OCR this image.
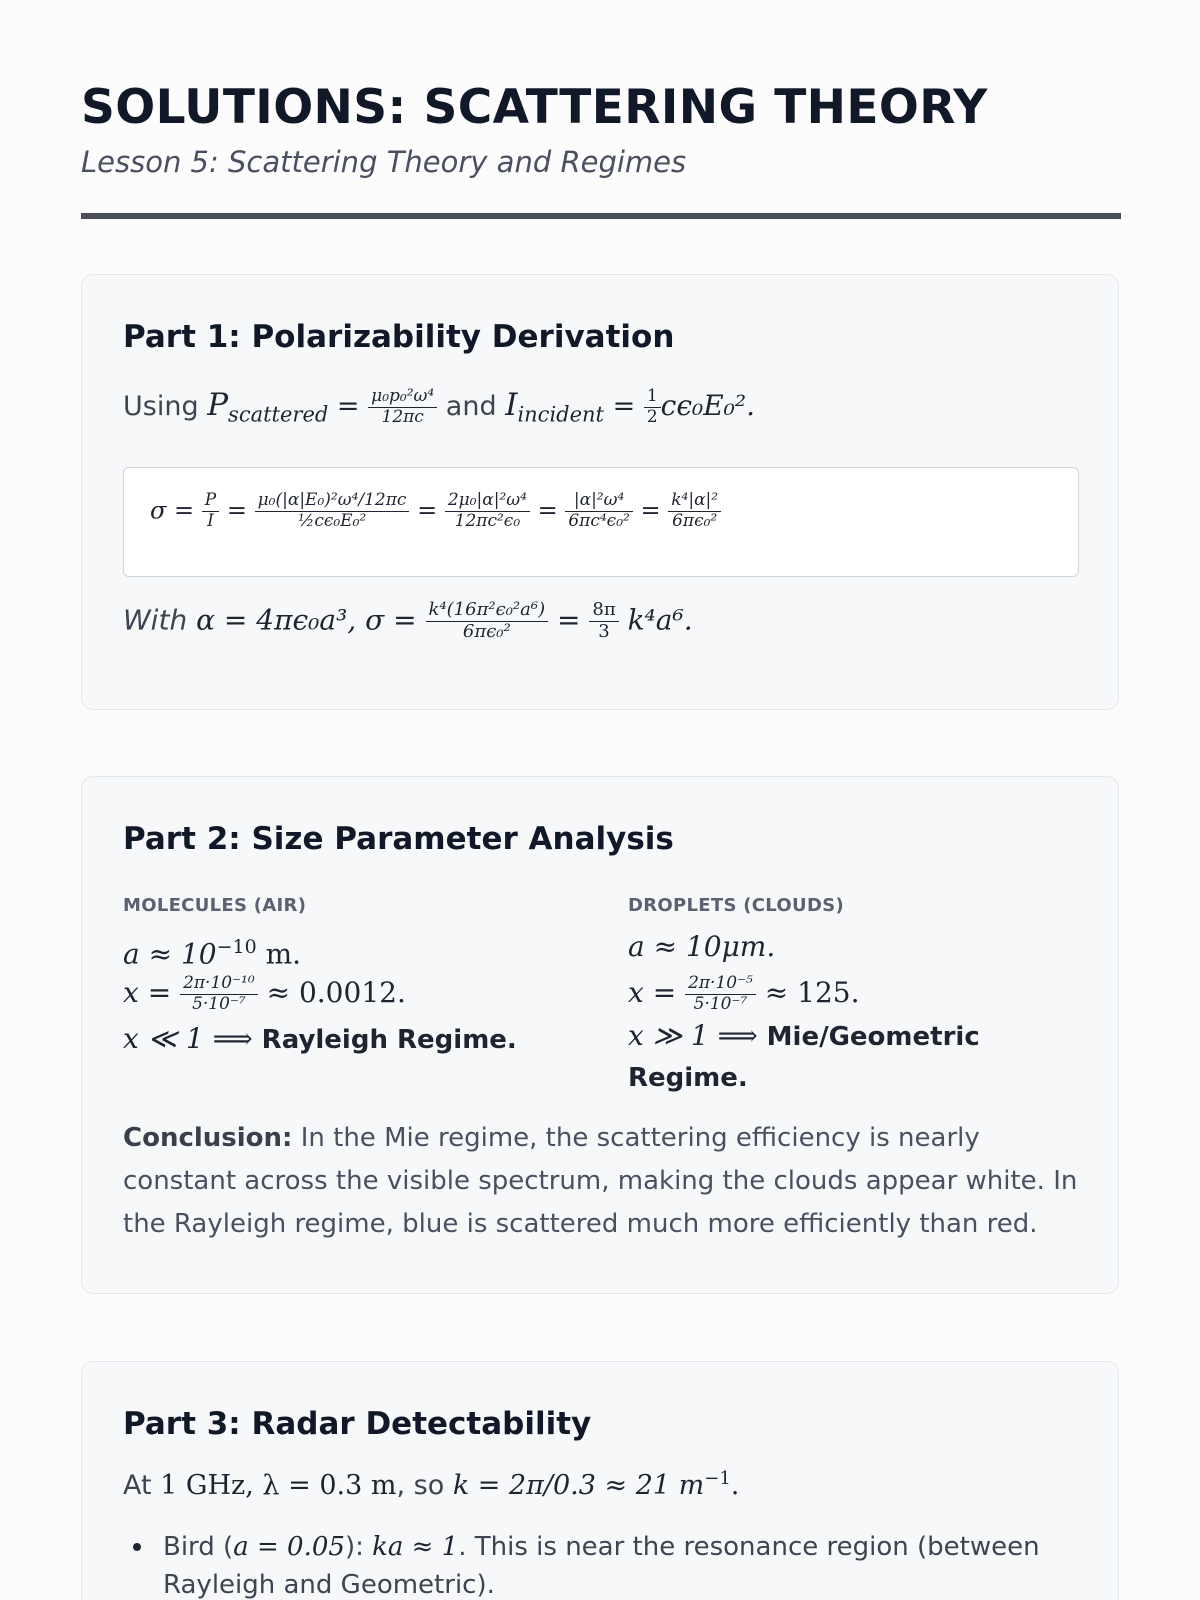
SOLUTIONS: SCATTERING THEORY
Lesson 5: Scattering Theory and Regimes
Part 1: Polarizability Derivation
Using $P_{scattered} = \frac{\text{μ₀p₀²ω⁴}}{12\pi c}$ and $I_{incident} = \frac{1}{2} c\epsilon_0E_0^2$.
$\sigma = \frac{P}{I} = \frac{\text{μ₀(|α|E₀)²ω⁴/12πc}}{\text{½cϵ₀E₀²}} = \frac{\text{2μ₀|α|²ω⁴}}{\text{12πc²ϵ₀}} = \frac{\text{|α|²ω⁴}}{\text{6πc⁴ϵ₀²}} = \frac{\text{k⁴|α|²}}{\text{6πϵ₀²}}$
With α = 4πϵ₀a³, $\sigma = \frac{\text{k⁴(16π²ϵ₀²a⁶)}}{\text{6πϵ₀²}} = \frac{8\pi}{3} k^4a^6$.
Part 2: Size Parameter Analysis
MOLECULES (AIR)
$a \approx 10^{-10}$ m.
$x = \frac{\text{2π·10⁻¹⁰}}{\text{5·10⁻⁷}} \approx 0.0012$.
x ≪ 1 ⟹ Rayleigh Regime.
DROPLETS (CLOUDS)
a ≈ 10μm.
$x = \frac{\text{2π·10⁻⁵}}{\text{5·10⁻⁷}} \approx 125$.
x ≫ 1 ⟹ Mie/Geometric Regime.
Conclusion: In the Mie regime, the scattering efficiency is nearly constant across the visible spectrum, making the clouds appear white. In the Rayleigh regime, blue is scattered much more efficiently than red.
Part 3: Radar Detectability
At 1 GHz, λ = 0.3 m, so k = 2π/0.3 ≈ 21 $m^{-1}$.
Bird (a = 0.05): ka ≈ 1. This is near the resonance region (between Rayleigh and Geometric).
